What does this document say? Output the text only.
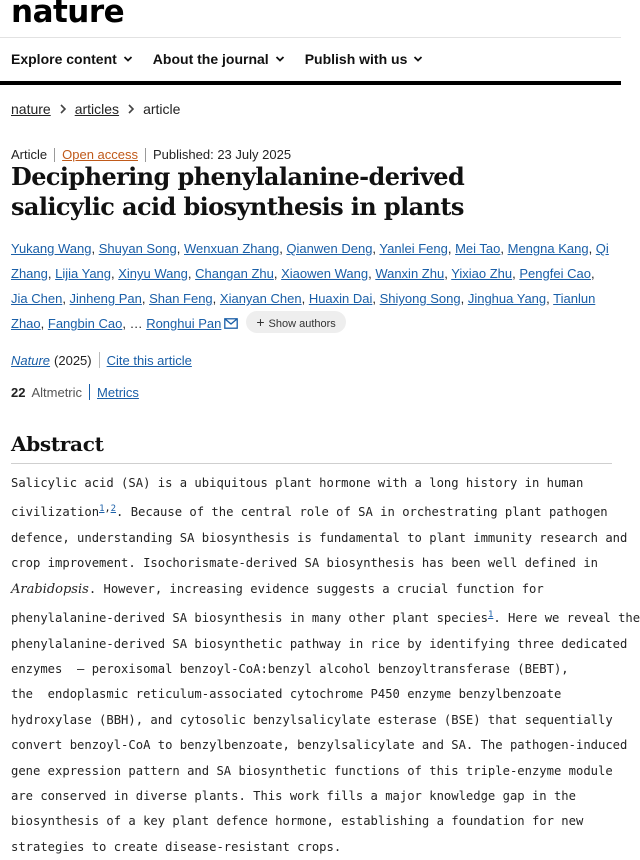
nature
Explore content	About the journal	Publish with us
nature articles article
Article Open access Published: 23 July 2025
Deciphering phenylalanine-derived salicylic acid biosynthesis in plants
Yukang Wang, Shuyan Song, Wenxuan Zhang, Qianwen Deng, Yanlei Feng, Mei Tao, Mengna Kang, Qi Zhang, Lijia Yang, Xinyu Wang, Changan Zhu, Xiaowen Wang, Wanxin Zhu, Yixiao Zhu, Pengfei Cao, Jia Chen, Jinheng Pan, Shan Feng, Xianyan Chen, Huaxin Dai, Shiyong Song, Jinghua Yang, Tianlun Zhao, Fangbin Cao, … Ronghui Pan	+ Show authors
Nature (2025) Cite this article
22 Altmetric Metrics
Abstract
Salicylic acid (SA) is a ubiquitous plant hormone with a long history in human
civilization$^{1,2}$. Because of the central role of SA in orchestrating plant pathogen
defence, understanding SA biosynthesis is fundamental to plant immunity research and
crop improvement. Isochorismate-derived SA biosynthesis has been well defined in
Arabidopsis. However, increasing evidence suggests a crucial function for
phenylalanine-derived SA biosynthesis in many other plant species$^1$. Here we reveal the
phenylalanine-derived SA biosynthetic pathway in rice by identifying three dedicated
enzymes  — peroxisomal benzoyl-CoA:benzyl alcohol benzoyltransferase (BEBT),
the  endoplasmic reticulum-associated cytochrome P450 enzyme benzylbenzoate
hydroxylase (BBH), and cytosolic benzylsalicylate esterase (BSE) that sequentially
convert benzoyl-CoA to benzylbenzoate, benzylsalicylate and SA. The pathogen-induced
gene expression pattern and SA biosynthetic functions of this triple-enzyme module
are conserved in diverse plants. This work fills a major knowledge gap in the
biosynthesis of a key plant defence hormone, establishing a foundation for new
strategies to create disease-resistant crops.
